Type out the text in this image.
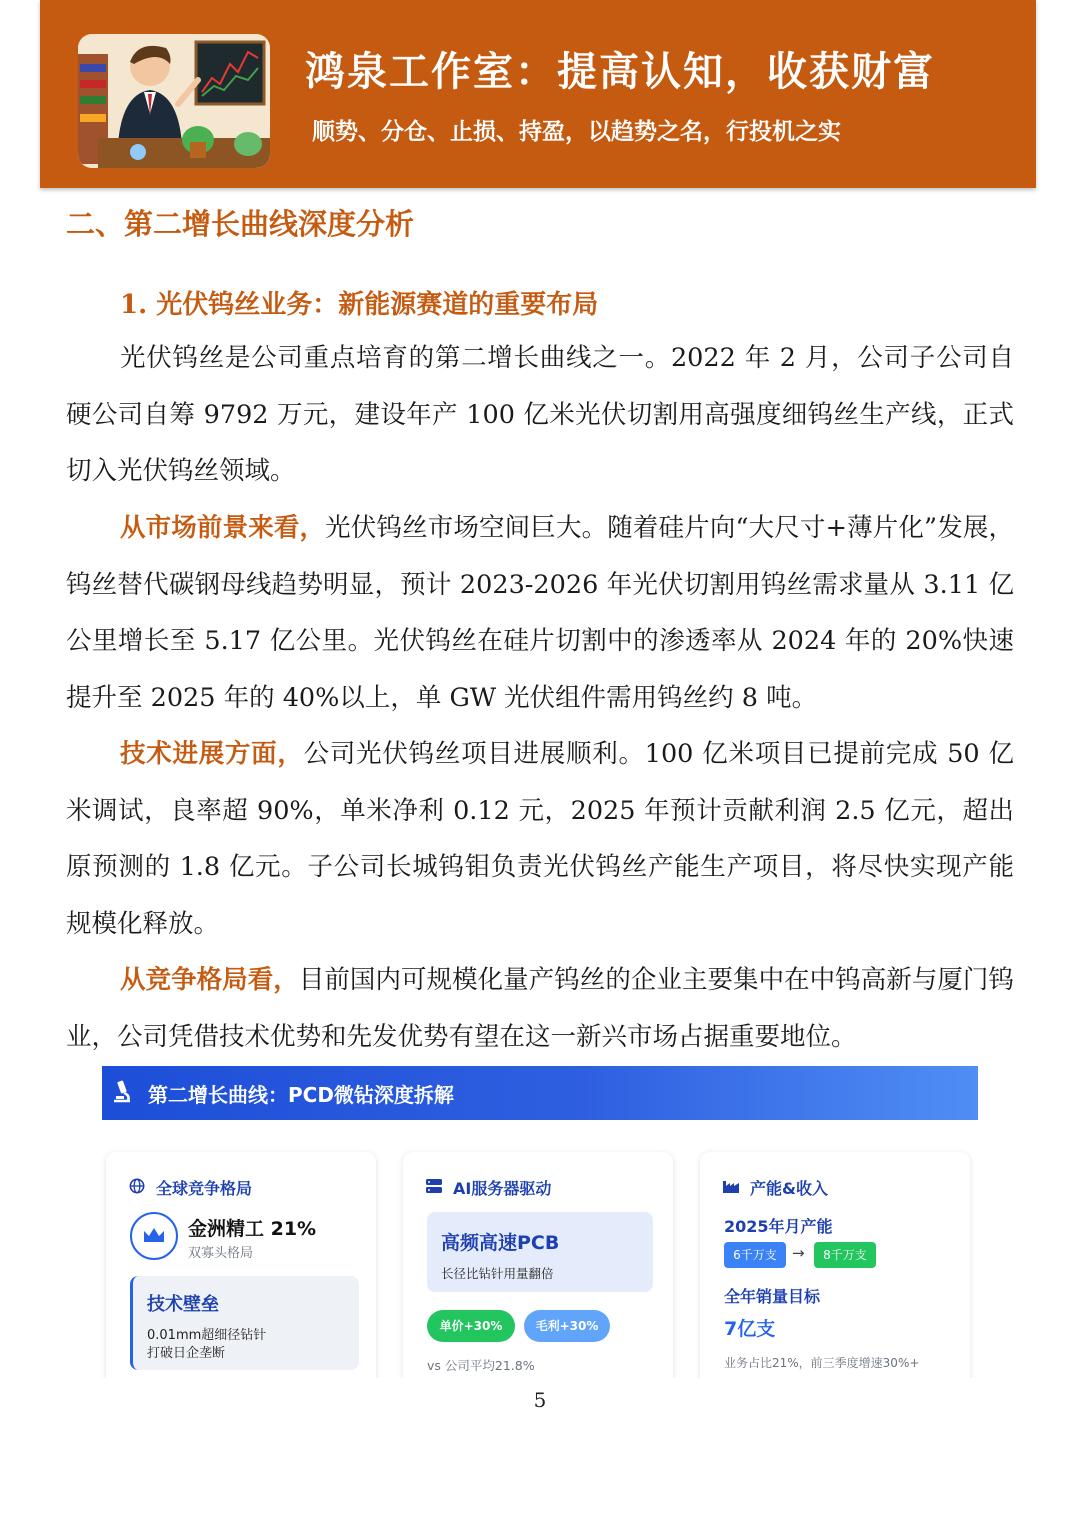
鸿泉工作室：提高认知，收获财富
顺势、分仓、止损、持盈，以趋势之名，行投机之实
二、第二增长曲线深度分析
1. 光伏钨丝业务：新能源赛道的重要布局
光伏钨丝是公司重点培育的第二增长曲线之一。2022 年 2 月，公司子公司自硬公司自筹 9792 万元，建设年产 100 亿米光伏切割用高强度细钨丝生产线，正式切入光伏钨丝领域。
从市场前景来看，光伏钨丝市场空间巨大。随着硅片向“大尺寸+薄片化”发展，钨丝替代碳钢母线趋势明显，预计 2023-2026 年光伏切割用钨丝需求量从 3.11 亿公里增长至 5.17 亿公里。光伏钨丝在硅片切割中的渗透率从 2024 年的 20%快速提升至 2025 年的 40%以上，单 GW 光伏组件需用钨丝约 8 吨。
技术进展方面，公司光伏钨丝项目进展顺利。100 亿米项目已提前完成 50 亿米调试，良率超 90%，单米净利 0.12 元，2025 年预计贡献利润 2.5 亿元，超出原预测的 1.8 亿元。子公司长城钨钼负责光伏钨丝产能生产项目，将尽快实现产能规模化释放。
从竞争格局看，目前国内可规模化量产钨丝的企业主要集中在中钨高新与厦门钨业，公司凭借技术优势和先发优势有望在这一新兴市场占据重要地位。
第二增长曲线：PCD微钻深度拆解
全球竞争格局
金洲精工 21%
双寡头格局
技术壁垒
0.01mm超细径钻针
打破日企垄断
AI服务器驱动
高频高速PCB
长径比钻针用量翻倍
单价+30%	毛利+30%
vs 公司平均21.8%
产能&收入
2025年月产能
6千万支	→	8千万支
全年销量目标
7亿支
业务占比21%，前三季度增速30%+
5
